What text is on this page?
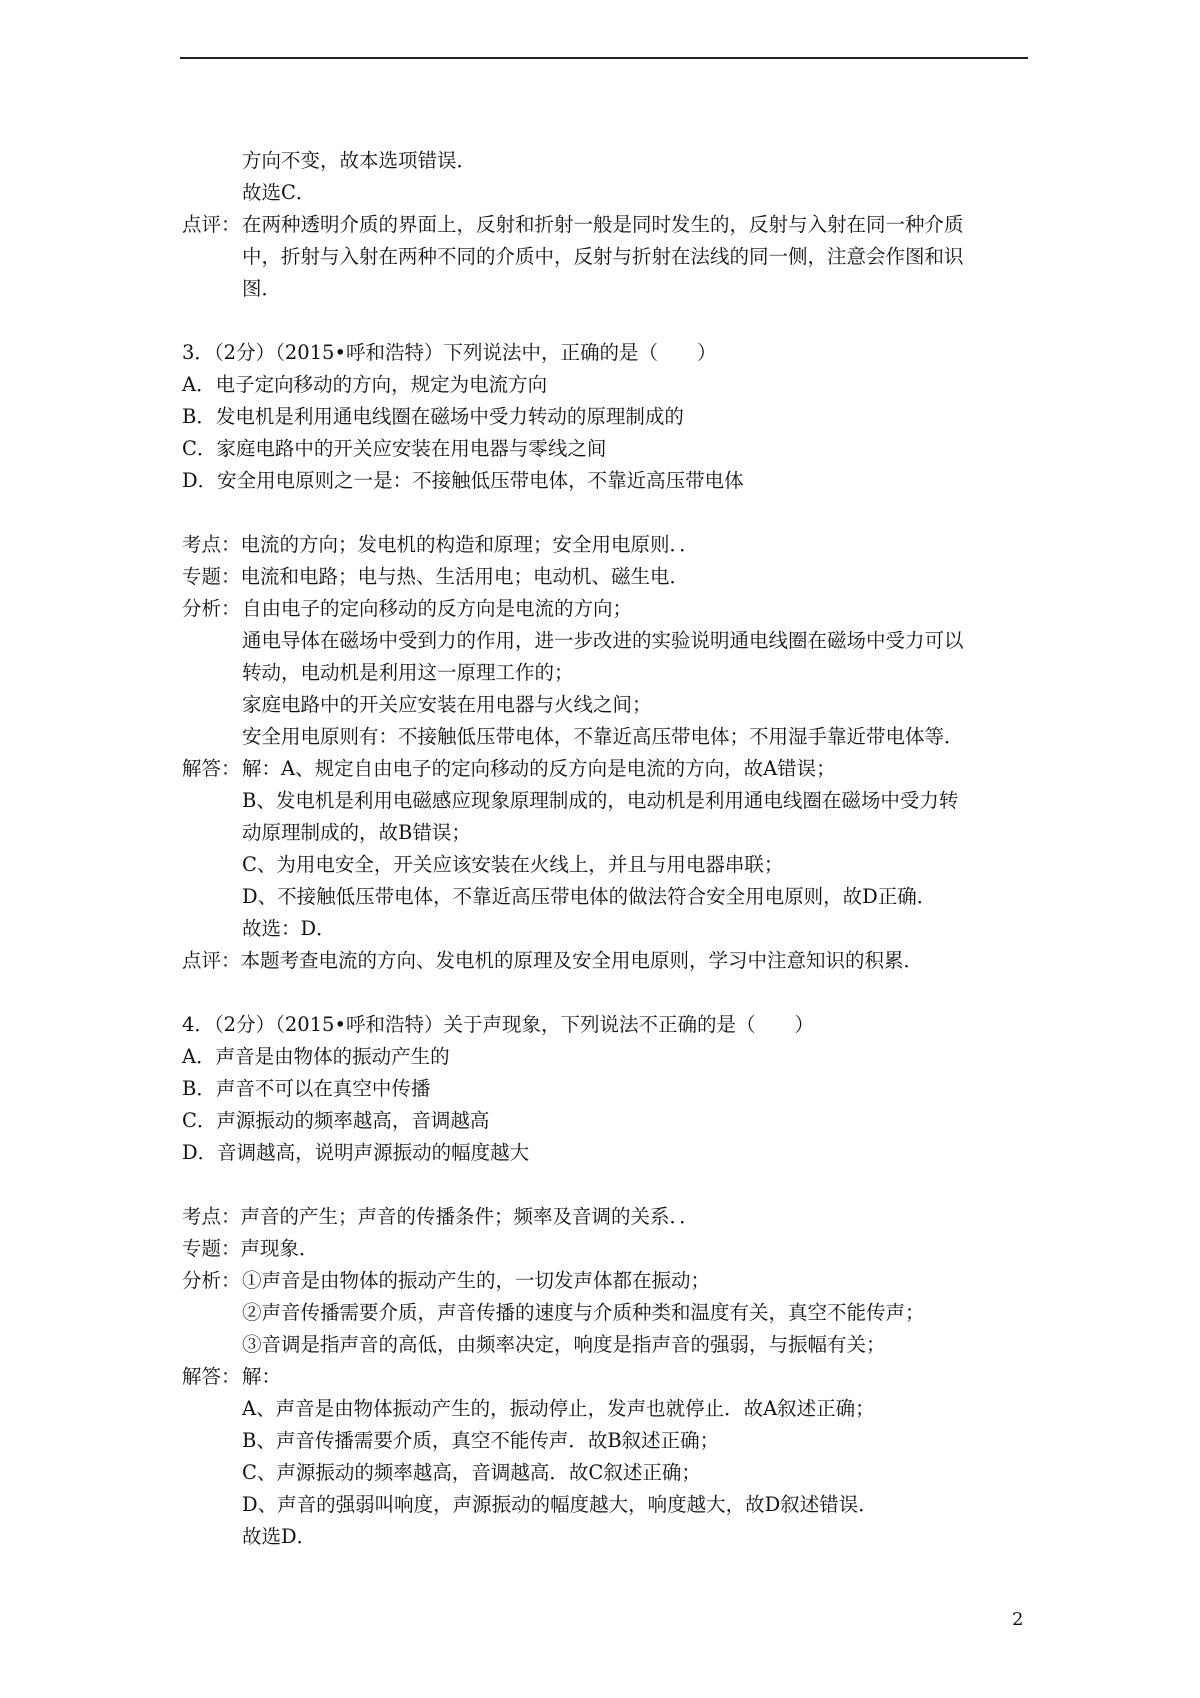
方向不变，故本选项错误．
故选C．
点评： 在两种透明介质的界面上，反射和折射一般是同时发生的，反射与入射在同一种介质
中，折射与入射在两种不同的介质中，反射与折射在法线的同一侧，注意会作图和识
图．
3．（2分）（2015•呼和浩特）下列说法中，正确的是（　　）
A．电子定向移动的方向，规定为电流方向
B．发电机是利用通电线圈在磁场中受力转动的原理制成的
C．家庭电路中的开关应安装在用电器与零线之间
D．安全用电原则之一是：不接触低压带电体，不靠近高压带电体
考点：电流的方向；发电机的构造和原理；安全用电原则．．
专题：电流和电路；电与热、生活用电；电动机、磁生电．
分析： 自由电子的定向移动的反方向是电流的方向；
通电导体在磁场中受到力的作用，进一步改进的实验说明通电线圈在磁场中受力可以
转动，电动机是利用这一原理工作的；
家庭电路中的开关应安装在用电器与火线之间；
安全用电原则有：不接触低压带电体，不靠近高压带电体；不用湿手靠近带电体等．
解答： 解：A、规定自由电子的定向移动的反方向是电流的方向，故A错误；
B、发电机是利用电磁感应现象原理制成的，电动机是利用通电线圈在磁场中受力转
动原理制成的，故B错误；
C、为用电安全，开关应该安装在火线上，并且与用电器串联；
D、不接触低压带电体，不靠近高压带电体的做法符合安全用电原则，故D正确．
故选：D．
点评：本题考查电流的方向、发电机的原理及安全用电原则，学习中注意知识的积累．
4．（2分）（2015•呼和浩特）关于声现象，下列说法不正确的是（　　）
A．声音是由物体的振动产生的
B．声音不可以在真空中传播
C．声源振动的频率越高，音调越高
D．音调越高，说明声源振动的幅度越大
考点：声音的产生；声音的传播条件；频率及音调的关系．．
专题：声现象．
分析： ①声音是由物体的振动产生的，一切发声体都在振动；
②声音传播需要介质，声音传播的速度与介质种类和温度有关，真空不能传声；
③音调是指声音的高低，由频率决定，响度是指声音的强弱，与振幅有关；
解答： 解：
A、声音是由物体振动产生的，振动停止，发声也就停止．故A叙述正确；
B、声音传播需要介质，真空不能传声．故B叙述正确；
C、声源振动的频率越高，音调越高．故C叙述正确；
D、声音的强弱叫响度，声源振动的幅度越大，响度越大，故D叙述错误．
故选D．
2
